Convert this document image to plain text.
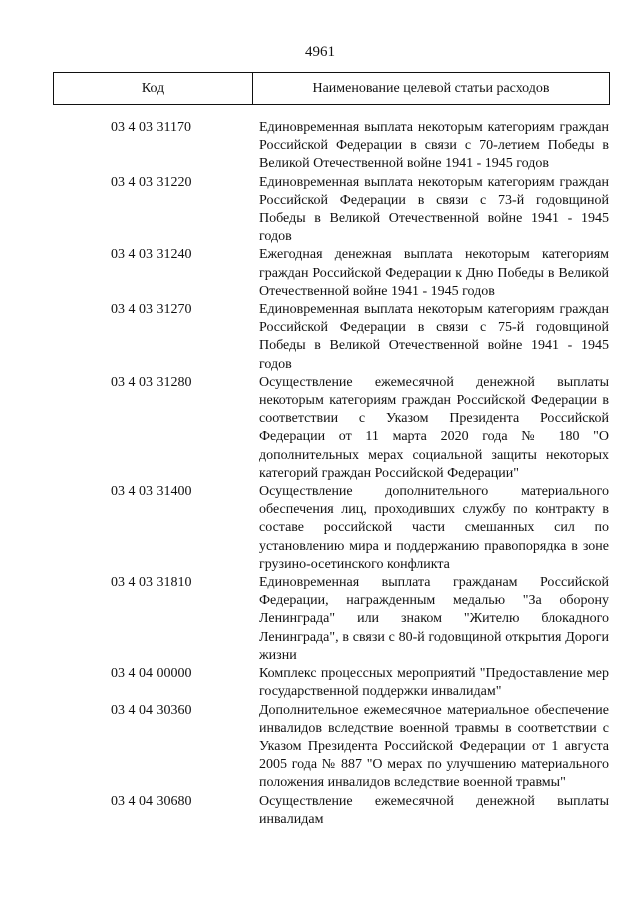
4961
Код	Наименование целевой статьи расходов
03 4 03 31170	Единовременная выплата некоторым категориям граждан Российской Федерации в связи с 70-летием Победы в Великой Отечественной войне 1941 - 1945 годов
03 4 03 31220	Единовременная выплата некоторым категориям граждан Российской Федерации в связи с 73-й годовщиной Победы в Великой Отечественной войне 1941 - 1945 годов
03 4 03 31240	Ежегодная денежная выплата некоторым категориям граждан Российской Федерации к Дню Победы в Великой Отечественной войне 1941 - 1945 годов
03 4 03 31270	Единовременная выплата некоторым категориям граждан Российской Федерации в связи с 75-й годовщиной Победы в Великой Отечественной войне 1941 - 1945 годов
03 4 03 31280	Осуществление ежемесячной денежной выплаты некоторым категориям граждан Российской Федерации в соответствии с Указом Президента Российской Федерации от 11 марта 2020 года № 180 "О дополнительных мерах социальной защиты некоторых категорий граждан Российской Федерации"
03 4 03 31400	Осуществление дополнительного материального обеспечения лиц, проходивших службу по контракту в составе российской части смешанных сил по установлению мира и поддержанию правопорядка в зоне грузино-осетинского конфликта
03 4 03 31810	Единовременная выплата гражданам Российской Федерации, награжденным медалью "За оборону Ленинграда" или знаком "Жителю блокадного Ленинграда", в связи с 80-й годовщиной открытия Дороги жизни
03 4 04 00000	Комплекс процессных мероприятий "Предоставление мер государственной поддержки инвалидам"
03 4 04 30360	Дополнительное ежемесячное материальное обеспечение инвалидов вследствие военной травмы в соответствии с Указом Президента Российской Федерации от 1 августа 2005 года № 887 "О мерах по улучшению материального положения инвалидов вследствие военной травмы"
03 4 04 30680	Осуществление ежемесячной денежной выплаты инвалидам
